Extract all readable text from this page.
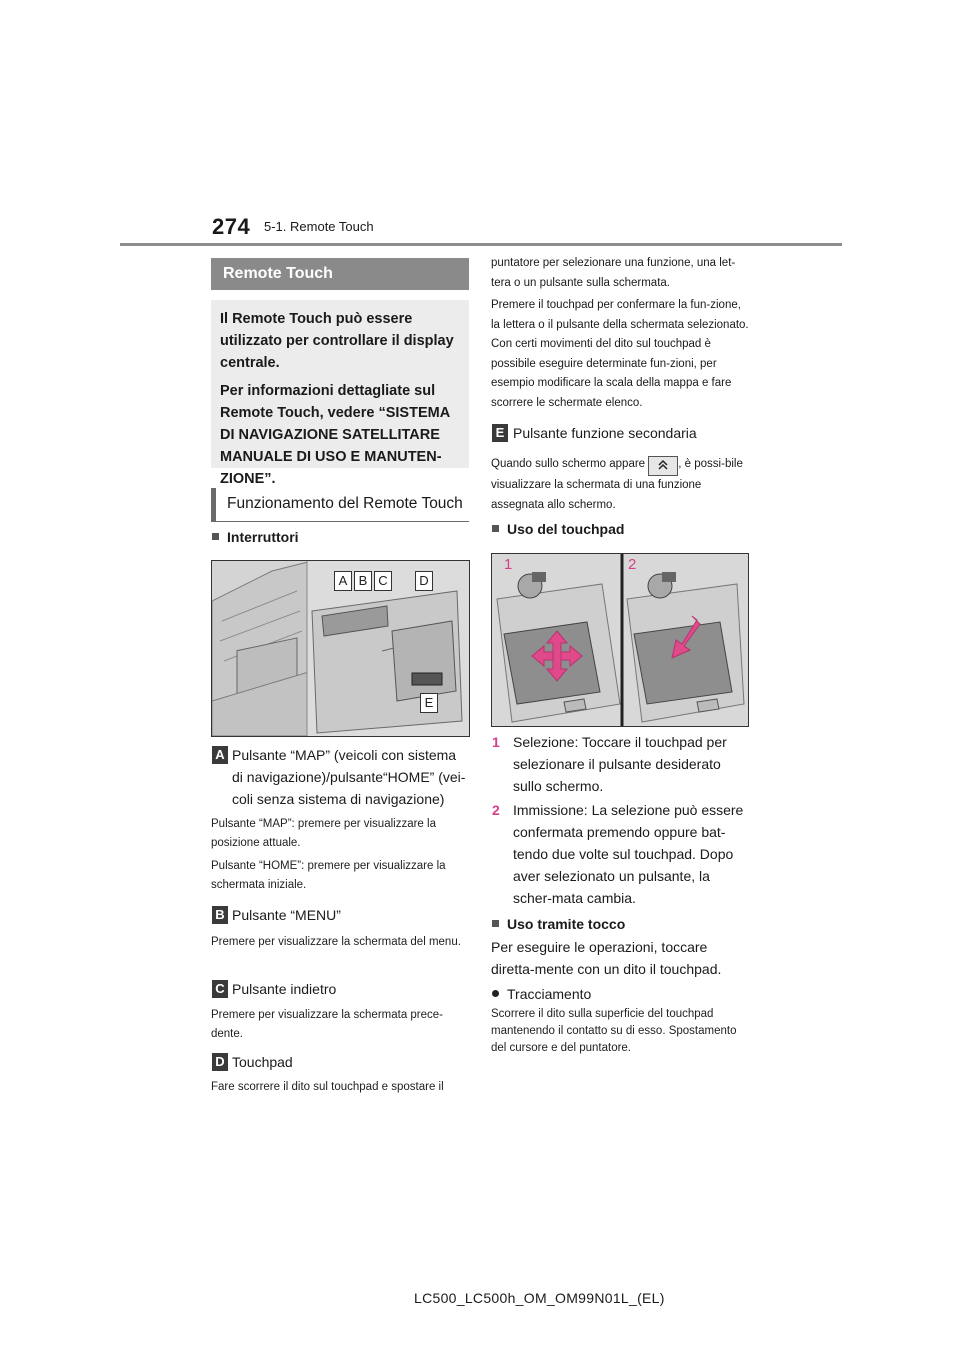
274 5-1. Remote Touch
Remote Touch

Il Remote Touch può essere utilizzato per controllare il display centrale.

Per informazioni dettagliate sul Remote Touch, vedere “SISTEMA DI NAVIGAZIONE SATELLITARE MANUALE DI USO E MANUTEN-ZIONE”.

Funzionamento del Remote Touch
Interruttori
A B C	D
E
A Pulsante “MAP” (veicoli con sistema di navigazione)/pulsante“HOME” (vei-coli senza sistema di navigazione)
Pulsante “MAP”: premere per visualizzare la posizione attuale.
Pulsante “HOME”: premere per visualizzare la schermata iniziale.
B Pulsante “MENU”
Premere per visualizzare la schermata del menu.
C Pulsante indietro
Premere per visualizzare la schermata prece-dente.
D Touchpad
Fare scorrere il dito sul touchpad e spostare il
puntatore per selezionare una funzione, una let-tera o un pulsante sulla schermata.
Premere il touchpad per confermare la fun-zione, la lettera o il pulsante della schermata selezionato. Con certi movimenti del dito sul touchpad è possibile eseguire determinate fun-zioni, per esempio modificare la scala della mappa e fare scorrere le schermate elenco.
E Pulsante funzione secondaria
Quando sullo schermo appare	, è possi-bile visualizzare la schermata di una funzione assegnata allo schermo.
Uso del touchpad
1	2
1 Selezione: Toccare il touchpad per selezionare il pulsante desiderato sullo schermo.
2 Immissione: La selezione può essere confermata premendo oppure bat-tendo due volte sul touchpad. Dopo aver selezionato un pulsante, la scher-mata cambia.
Uso tramite tocco
Per eseguire le operazioni, toccare diretta-mente con un dito il touchpad.
Tracciamento
Scorrere il dito sulla superficie del touchpad mantenendo il contatto su di esso. Spostamento del cursore e del puntatore.
LC500_LC500h_OM_OM99N01L_(EL)
